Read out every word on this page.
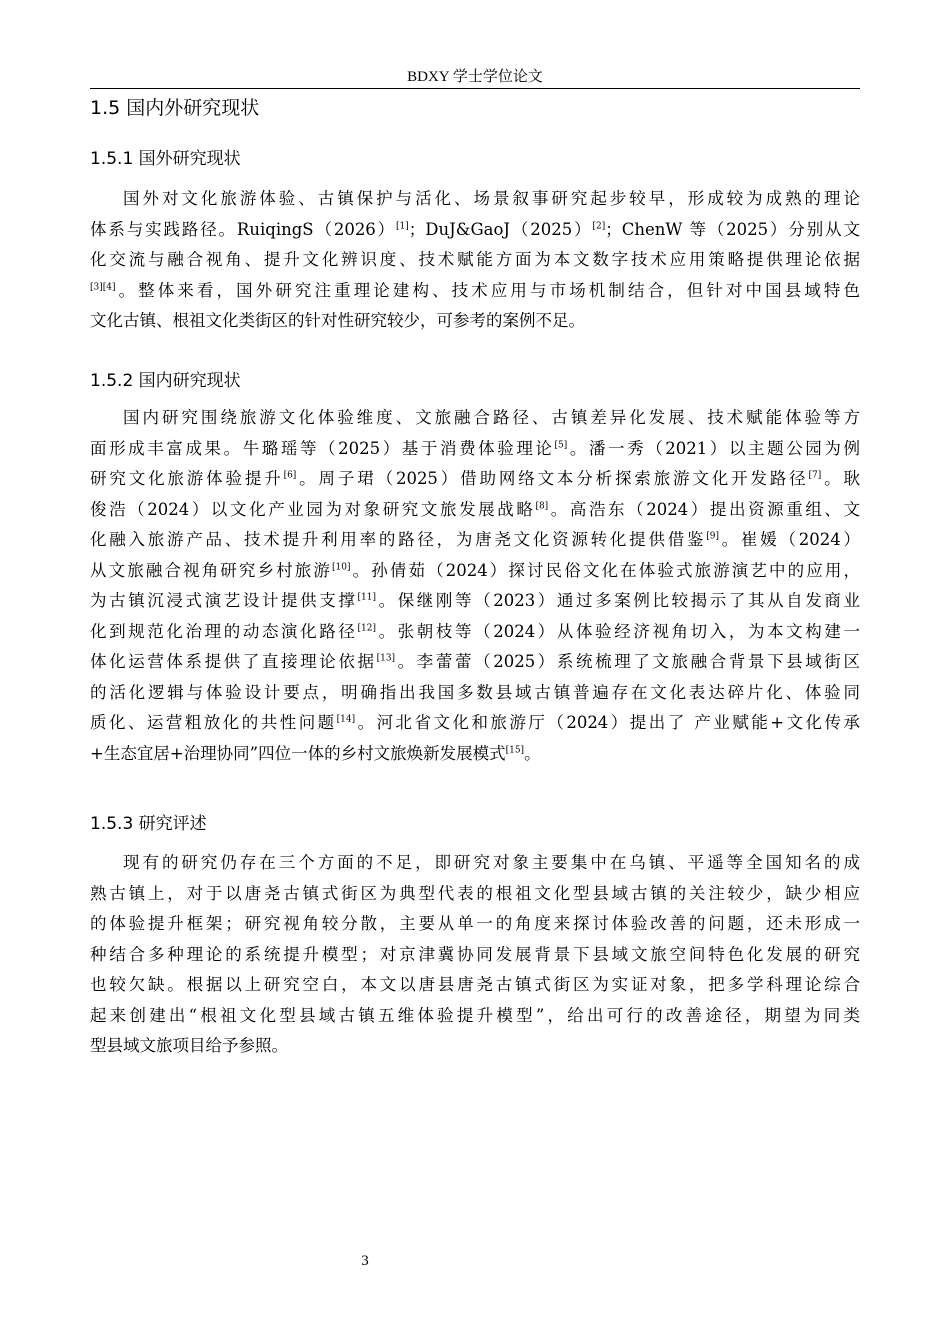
BDXY 学士学位论文
1.5 国内外研究现状
1.5.1 国外研究现状
国外对文化旅游体验、古镇保护与活化、场景叙事研究起步较早，形成较为成熟的理论
体系与实践路径。RuiqingS（2026）[1]；DuJ&GaoJ（2025）[2]；ChenW 等（2025）分别从文
化交流与融合视角、提升文化辨识度、技术赋能方面为本文数字技术应用策略提供理论依据
[3][4]。整体来看，国外研究注重理论建构、技术应用与市场机制结合，但针对中国县域特色
文化古镇、根祖文化类街区的针对性研究较少，可参考的案例不足。
1.5.2 国内研究现状
国内研究围绕旅游文化体验维度、文旅融合路径、古镇差异化发展、技术赋能体验等方
面形成丰富成果。牛璐瑶等（2025）基于消费体验理论[5]。潘一秀（2021）以主题公园为例
研究文化旅游体验提升[6]。周子珺（2025）借助网络文本分析探索旅游文化开发路径[7]。耿
俊浩（2024）以文化产业园为对象研究文旅发展战略[8]。高浩东（2024）提出资源重组、文
化融入旅游产品、技术提升利用率的路径，为唐尧文化资源转化提供借鉴[9]。崔媛（2024）
从文旅融合视角研究乡村旅游[10]。孙倩茹（2024）探讨民俗文化在体验式旅游演艺中的应用，
为古镇沉浸式演艺设计提供支撑[11]。保继刚等（2023）通过多案例比较揭示了其从自发商业
化到规范化治理的动态演化路径[12]。张朝枝等（2024）从体验经济视角切入，为本文构建一
体化运营体系提供了直接理论依据[13]。李蕾蕾（2025）系统梳理了文旅融合背景下县域街区
的活化逻辑与体验设计要点，明确指出我国多数县域古镇普遍存在文化表达碎片化、体验同
质化、运营粗放化的共性问题[14]。河北省文化和旅游厅（2024）提出了 产业赋能+文化传承
+生态宜居+治理协同”四位一体的乡村文旅焕新发展模式[15]。
1.5.3 研究评述
现有的研究仍存在三个方面的不足，即研究对象主要集中在乌镇、平遥等全国知名的成
熟古镇上，对于以唐尧古镇式街区为典型代表的根祖文化型县域古镇的关注较少，缺少相应
的体验提升框架；研究视角较分散，主要从单一的角度来探讨体验改善的问题，还未形成一
种结合多种理论的系统提升模型；对京津冀协同发展背景下县域文旅空间特色化发展的研究
也较欠缺。根据以上研究空白，本文以唐县唐尧古镇式街区为实证对象，把多学科理论综合
起来创建出“根祖文化型县域古镇五维体验提升模型”，给出可行的改善途径，期望为同类
型县域文旅项目给予参照。
3
